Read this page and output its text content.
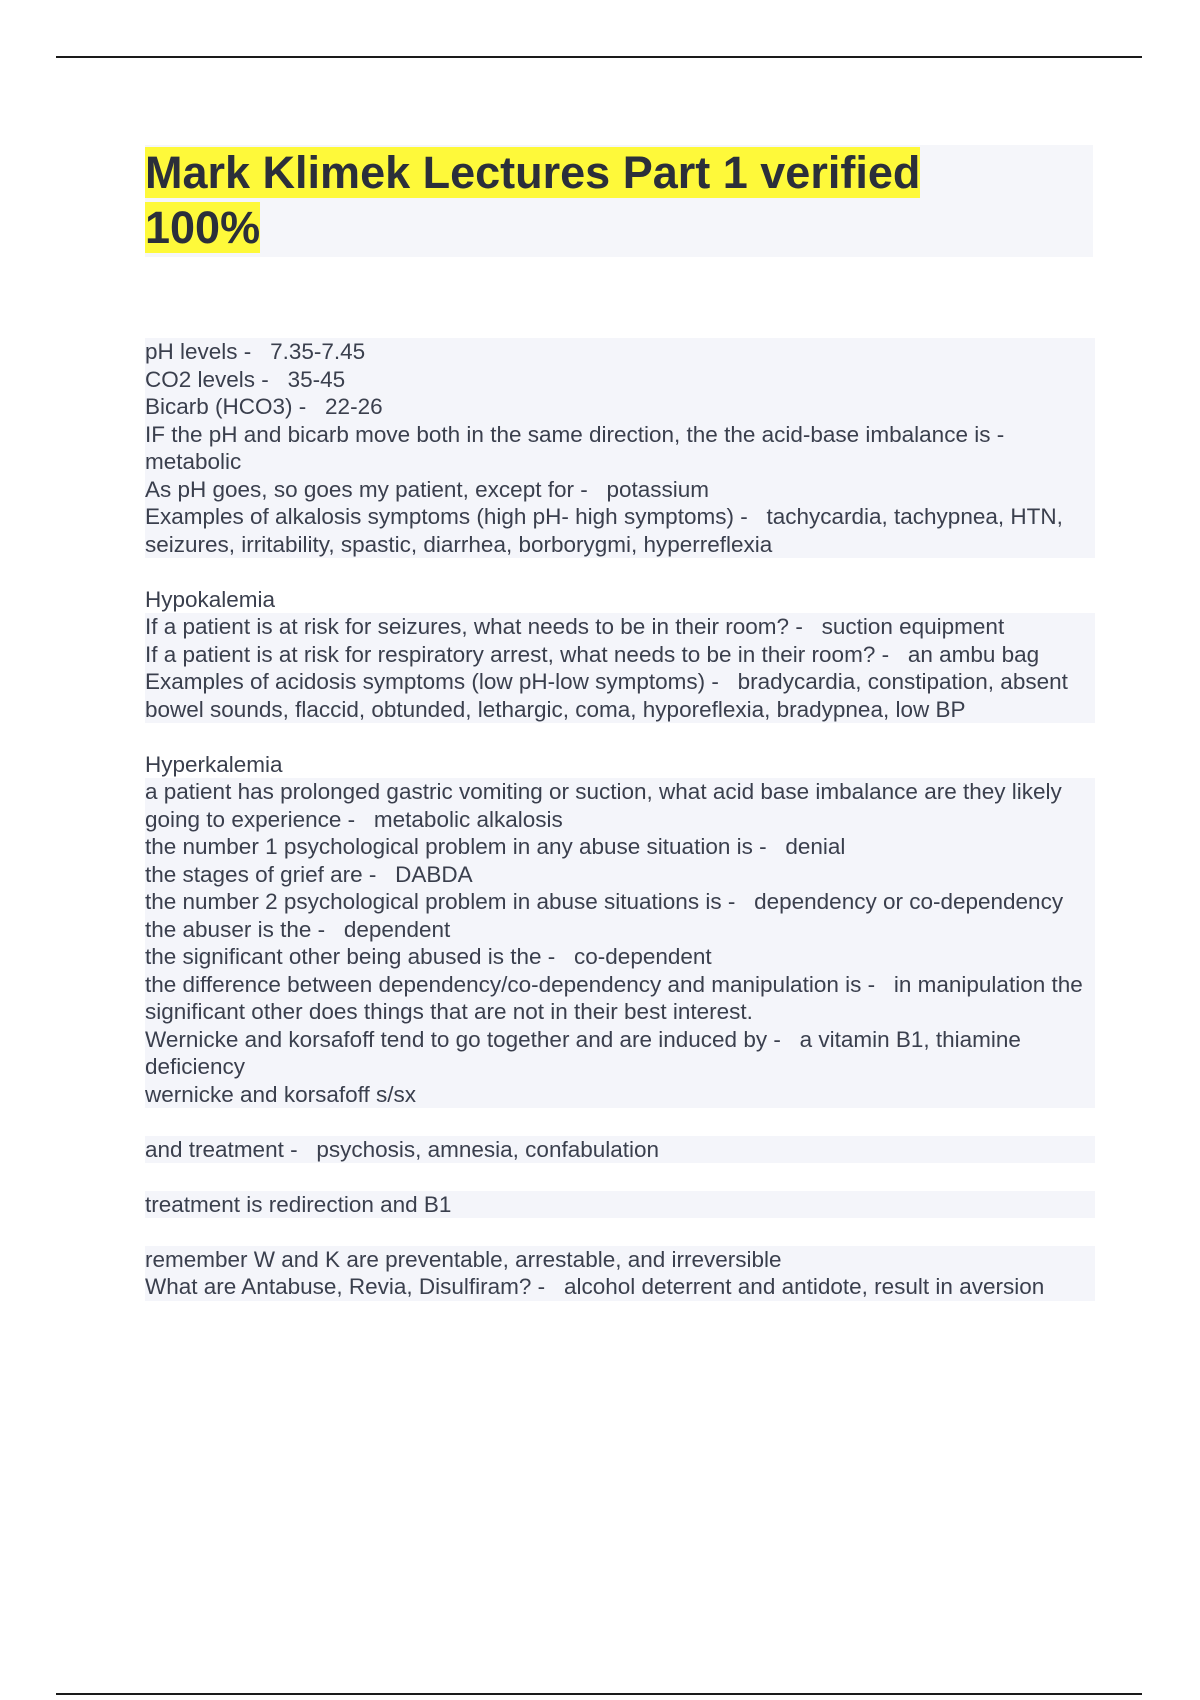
Mark Klimek Lectures Part 1 verified 100%
pH levels - 7.35-7.45
CO2 levels - 35-45
Bicarb (HCO3) - 22-26
IF the pH and bicarb move both in the same direction, the the acid-base imbalance is - metabolic
As pH goes, so goes my patient, except for - potassium
Examples of alkalosis symptoms (high pH- high symptoms) - tachycardia, tachypnea, HTN, seizures, irritability, spastic, diarrhea, borborygmi, hyperreflexia
Hypokalemia
If a patient is at risk for seizures, what needs to be in their room? - suction equipment
If a patient is at risk for respiratory arrest, what needs to be in their room? - an ambu bag
Examples of acidosis symptoms (low pH-low symptoms) - bradycardia, constipation, absent bowel sounds, flaccid, obtunded, lethargic, coma, hyporeflexia, bradypnea, low BP
Hyperkalemia
a patient has prolonged gastric vomiting or suction, what acid base imbalance are they likely going to experience - metabolic alkalosis
the number 1 psychological problem in any abuse situation is - denial
the stages of grief are - DABDA
the number 2 psychological problem in abuse situations is - dependency or co-dependency
the abuser is the - dependent
the significant other being abused is the - co-dependent
the difference between dependency/co-dependency and manipulation is - in manipulation the significant other does things that are not in their best interest.
Wernicke and korsafoff tend to go together and are induced by - a vitamin B1, thiamine deficiency
wernicke and korsafoff s/sx
and treatment - psychosis, amnesia, confabulation
treatment is redirection and B1
remember W and K are preventable, arrestable, and irreversible
What are Antabuse, Revia, Disulfiram? - alcohol deterrent and antidote, result in aversion
